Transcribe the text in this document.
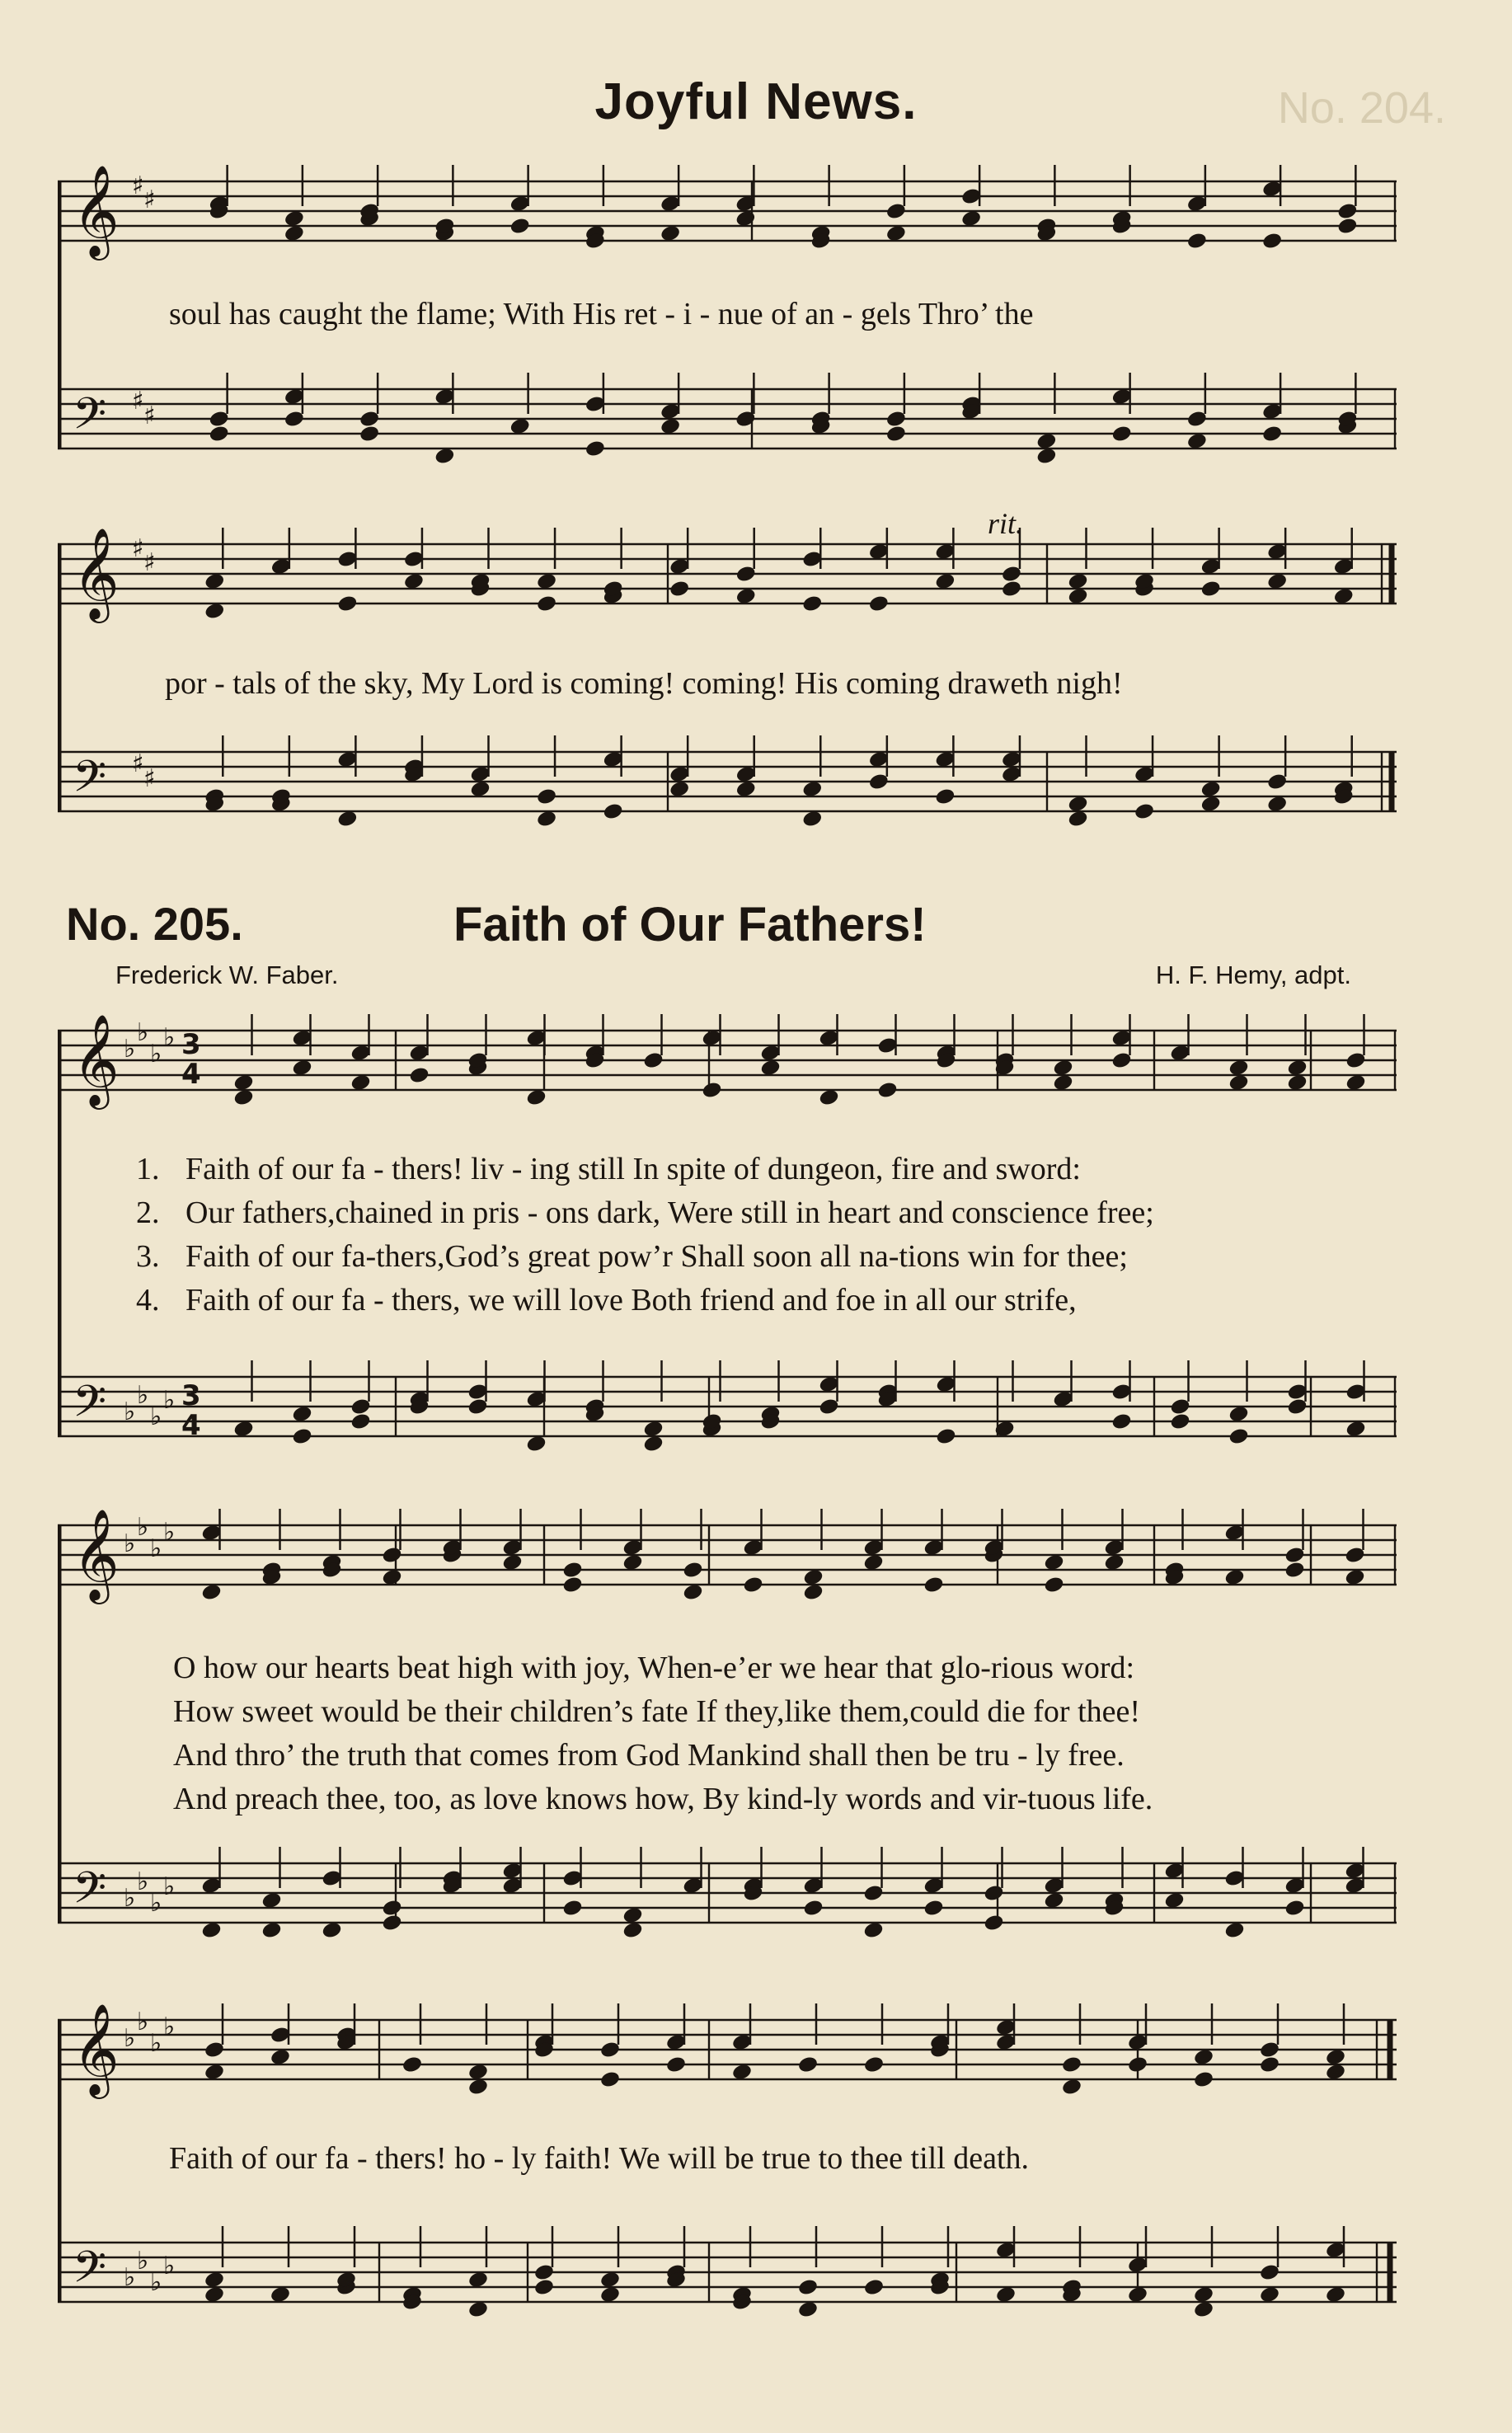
Joyful News.	No. 204.
𝄞
𝄢
♯ ♯
♯
♯
soul has caught the flame; With His ret - i - nue of an - gels Thro’ the
rit.
𝄞
𝄢
♯ ♯
♯
♯
por - tals of the sky, My Lord is coming! coming! His coming draweth nigh!
No. 205.	Faith of Our Fathers!
Frederick W. Faber.	H. F. Hemy, adpt.
𝄞
𝄢
♭
♭
♭
♭
♭
♭
♭
♭
3
4
3
4
1. Faith of our fa - thers! liv - ing still In spite of dungeon, fire and sword:
2. Our fathers,chained in pris - ons dark, Were still in heart and conscience free;
3. Faith of our fa-thers,God’s great pow’r Shall soon all na-tions win for thee;
4. Faith of our fa - thers, we will love Both friend and foe in all our strife,
𝄞
𝄢
♭
♭
♭
♭
♭
♭
♭
♭
O how our hearts beat high with joy, When-e’er we hear that glo-rious word:
How sweet would be their children’s fate If they,like them,could die for thee!
And thro’ the truth that comes from God Mankind shall then be tru - ly free.
And preach thee, too, as love knows how, By kind-ly words and vir-tuous life.
𝄞
𝄢
♭
♭
♭
♭
♭
♭
♭
♭
Faith of our fa - thers! ho - ly faith! We will be true to thee till death.
